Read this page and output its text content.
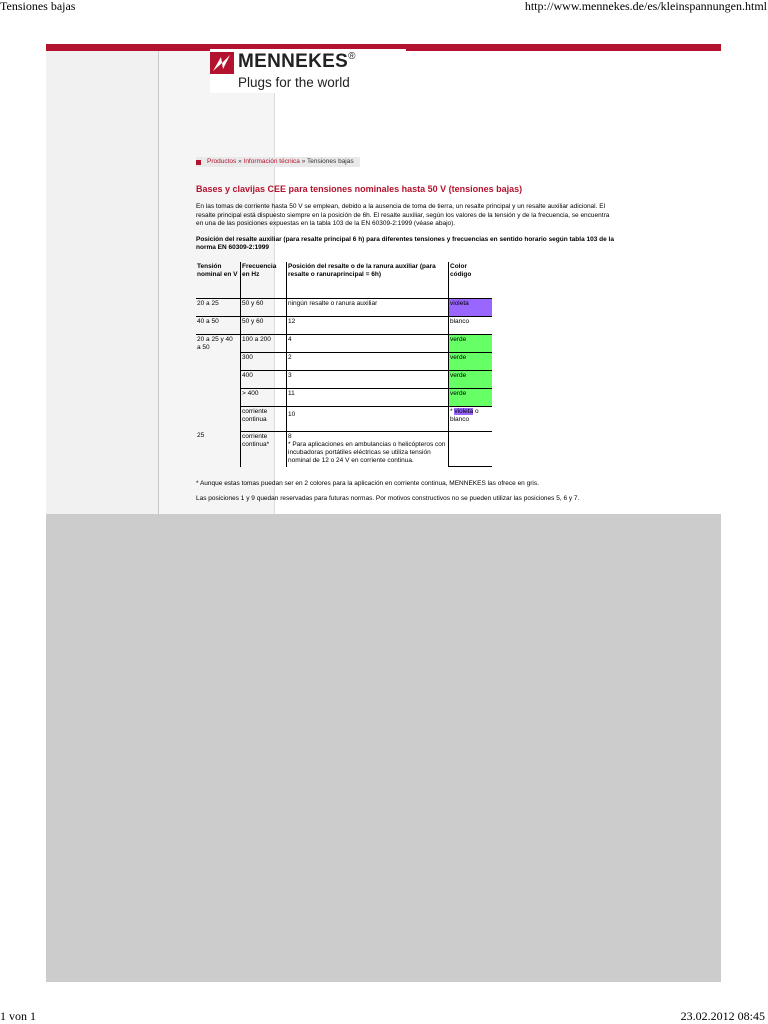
Tensiones bajas	http://www.mennekes.de/es/kleinspannungen.html
MENNEKES®
Plugs for the world
Productos » Información técnica » Tensiones bajas
Bases y clavijas CEE para tensiones nominales hasta 50 V (tensiones bajas)
En las tomas de corriente hasta 50 V se emplean, debido a la ausencia de toma de tierra, un resalte principal y un resalte auxiliar adicional. El resalte principal está dispuesto siempre en la posición de 6h. El resalte auxiliar, según los valores de la tensión y de la frecuencia, se encuentra en una de las posiciones expuestas en la tabla 103 de la EN 60309-2:1999 (véase abajo).
Posición del resalte auxiliar (para resalte principal 6 h) para diferentes tensiones y frecuencias en sentido horario según tabla 103 de la norma EN 60309-2:1999
Tensión nominal en V	Frecuencia en Hz	Posición del resalte o de la ranura auxiliar (para resalte o ranuraprincipal = 6h)	Color código
20 a 25	50 y 60	ningún resalte o ranura auxiliar	violeta
40 a 50	50 y 60	12	blanco
20 a 25 y 40 a 50	100 a 200	4	verde
	300	2	verde
	400	3	verde
	> 400	11	verde
	corriente continua	10	* violeta o blanco
25	corriente continua*	8
* Para aplicaciones en ambulancias o helicópteros con incubadoras portátiles eléctricas se utiliza tensión nominal de 12 o 24 V en corriente continua.	

* Aunque estas tomas puedan ser en 2 colores para la aplicación en corriente continua, MENNEKES las ofrece en gris.
Las posiciones 1 y 9 quedan reservadas para futuras normas. Por motivos constructivos no se pueden utilizar las posiciones 5, 6 y 7.
1 von 1	23.02.2012 08:45
